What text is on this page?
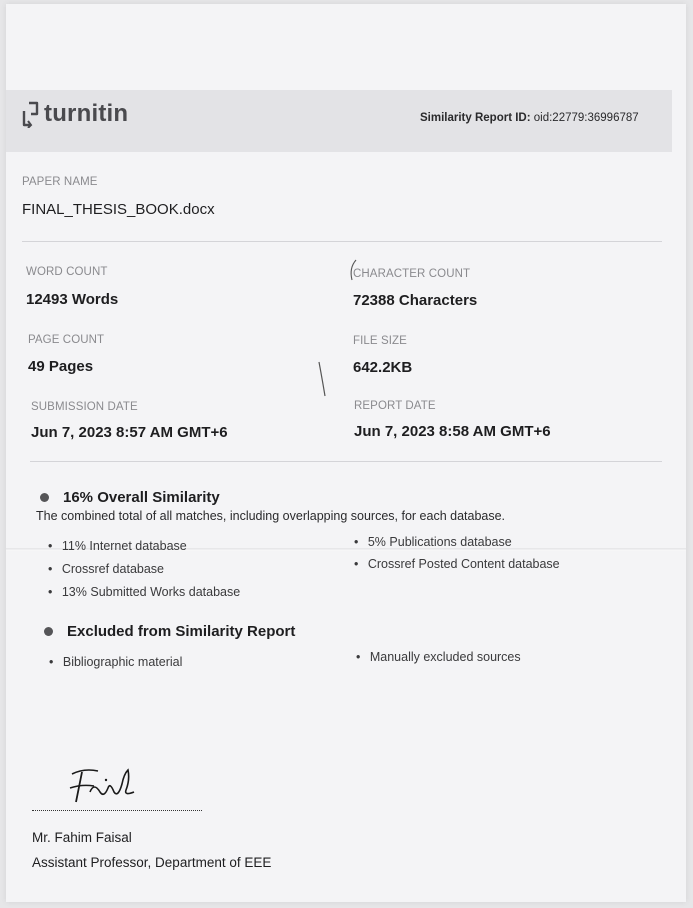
turnitin	Similarity Report ID: oid:22779:36996787
PAPER NAME
FINAL_THESIS_BOOK.docx
WORD COUNT
12493 Words
CHARACTER COUNT
72388 Characters
PAGE COUNT
49 Pages
FILE SIZE
642.2KB
SUBMISSION DATE
Jun 7, 2023 8:57 AM GMT+6
REPORT DATE
Jun 7, 2023 8:58 AM GMT+6
16% Overall Similarity
The combined total of all matches, including overlapping sources, for each database.
• 11% Internet database
• Crossref database
• 13% Submitted Works database
• 5% Publications database
• Crossref Posted Content database
Excluded from Similarity Report
• Bibliographic material	• Manually excluded sources
Mr. Fahim Faisal
Assistant Professor, Department of EEE
